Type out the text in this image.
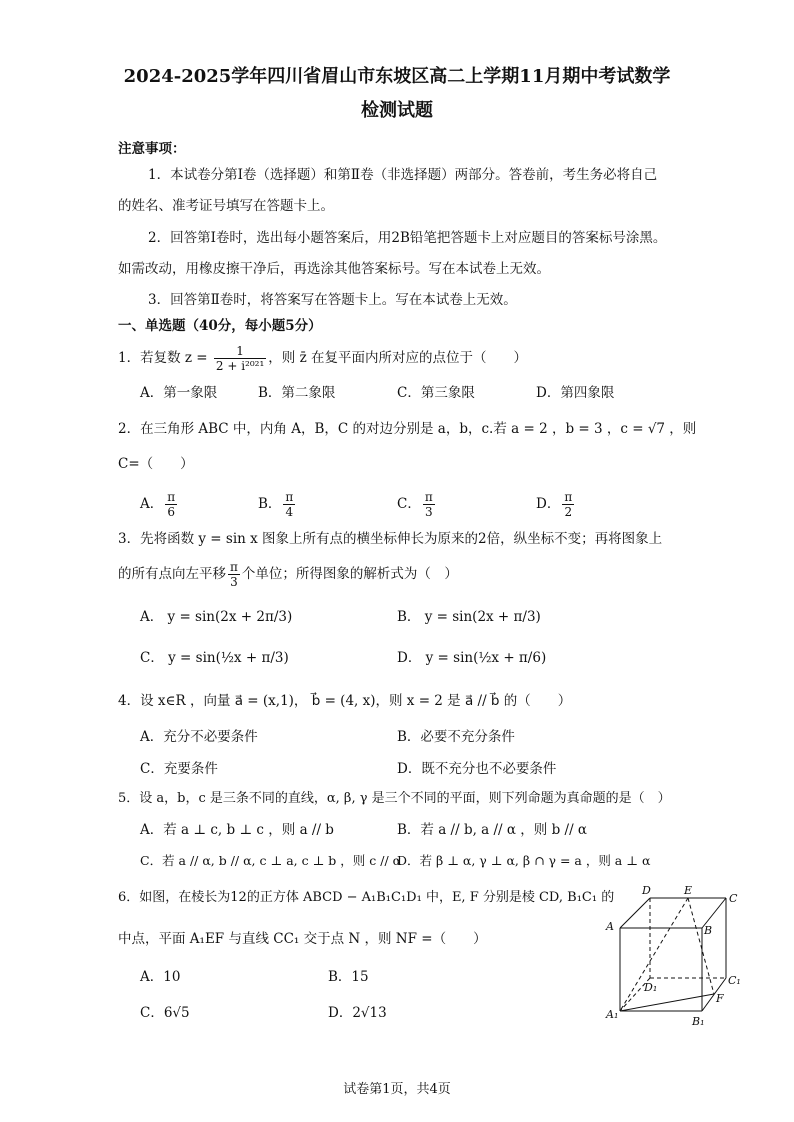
2024-2025学年四川省眉山市东坡区高二上学期11月期中考试数学
检测试题
注意事项：
1．本试卷分第Ⅰ卷（选择题）和第Ⅱ卷（非选择题）两部分。答卷前，考生务必将自己
的姓名、准考证号填写在答题卡上。
2．回答第Ⅰ卷时，选出每小题答案后，用2B铅笔把答题卡上对应题目的答案标号涂黑。
如需改动，用橡皮擦干净后，再选涂其他答案标号。写在本试卷上无效。
3．回答第Ⅱ卷时，将答案写在答题卡上。写在本试卷上无效。
一、单选题（40分，每小题5分）
1．若复数 $z = \frac{1}{\text{2 + i²⁰²¹}}$ ，则 z̄ 在复平面内所对应的点位于（　　）
A．第一象限	B．第二象限	C．第三象限	D．第四象限
2．在三角形 ABC 中，内角 A，B，C 的对边分别是 a，b，c.若 a = 2 ，b = 3 ，c = √7 ，则
C=（　　）
A． $\frac{\pi}{6}$	B． $\frac{\pi}{4}$	C． $\frac{\pi}{3}$	D． $\frac{\pi}{2}$
3．先将函数 y = sin x 图象上所有点的横坐标伸长为原来的2倍，纵坐标不变；再将图象上
的所有点向左平移 $\frac{\pi}{3}$ 个单位；所得图象的解析式为（　）
A． y = sin(2x + 2π/3)	B． y = sin(2x + π/3)
C． y = sin(½x + π/3)	D． y = sin(½x + π/6)
4．设 x∈R ，向量 a⃗ = (x,1)， b⃗ = (4, x)，则 x = 2 是 a⃗ // b⃗ 的（　　）
A．充分不必要条件	B．必要不充分条件
C．充要条件	D．既不充分也不必要条件
5．设 a，b，c 是三条不同的直线，α, β, γ 是三个不同的平面，则下列命题为真命题的是（　）
A．若 a ⊥ c, b ⊥ c ，则 a // b	B．若 a // b, a // α ，则 b // α
C．若 a // α, b // α, c ⊥ a, c ⊥ b ，则 c // α
D．若 β ⊥ α, γ ⊥ α, β ∩ γ = a ，则 a ⊥ α
6．如图，在棱长为12的正方体 ABCD − A₁B₁C₁D₁ 中，E, F 分别是棱 CD, B₁C₁ 的
中点，平面 A₁EF 与直线 CC₁ 交于点 N ，则 NF =（　　）
A．10	B．15
C．6√5	D．2√13
D	E
C
A	B
D₁
C₁
F
A₁
B₁
试卷第1页，共4页
